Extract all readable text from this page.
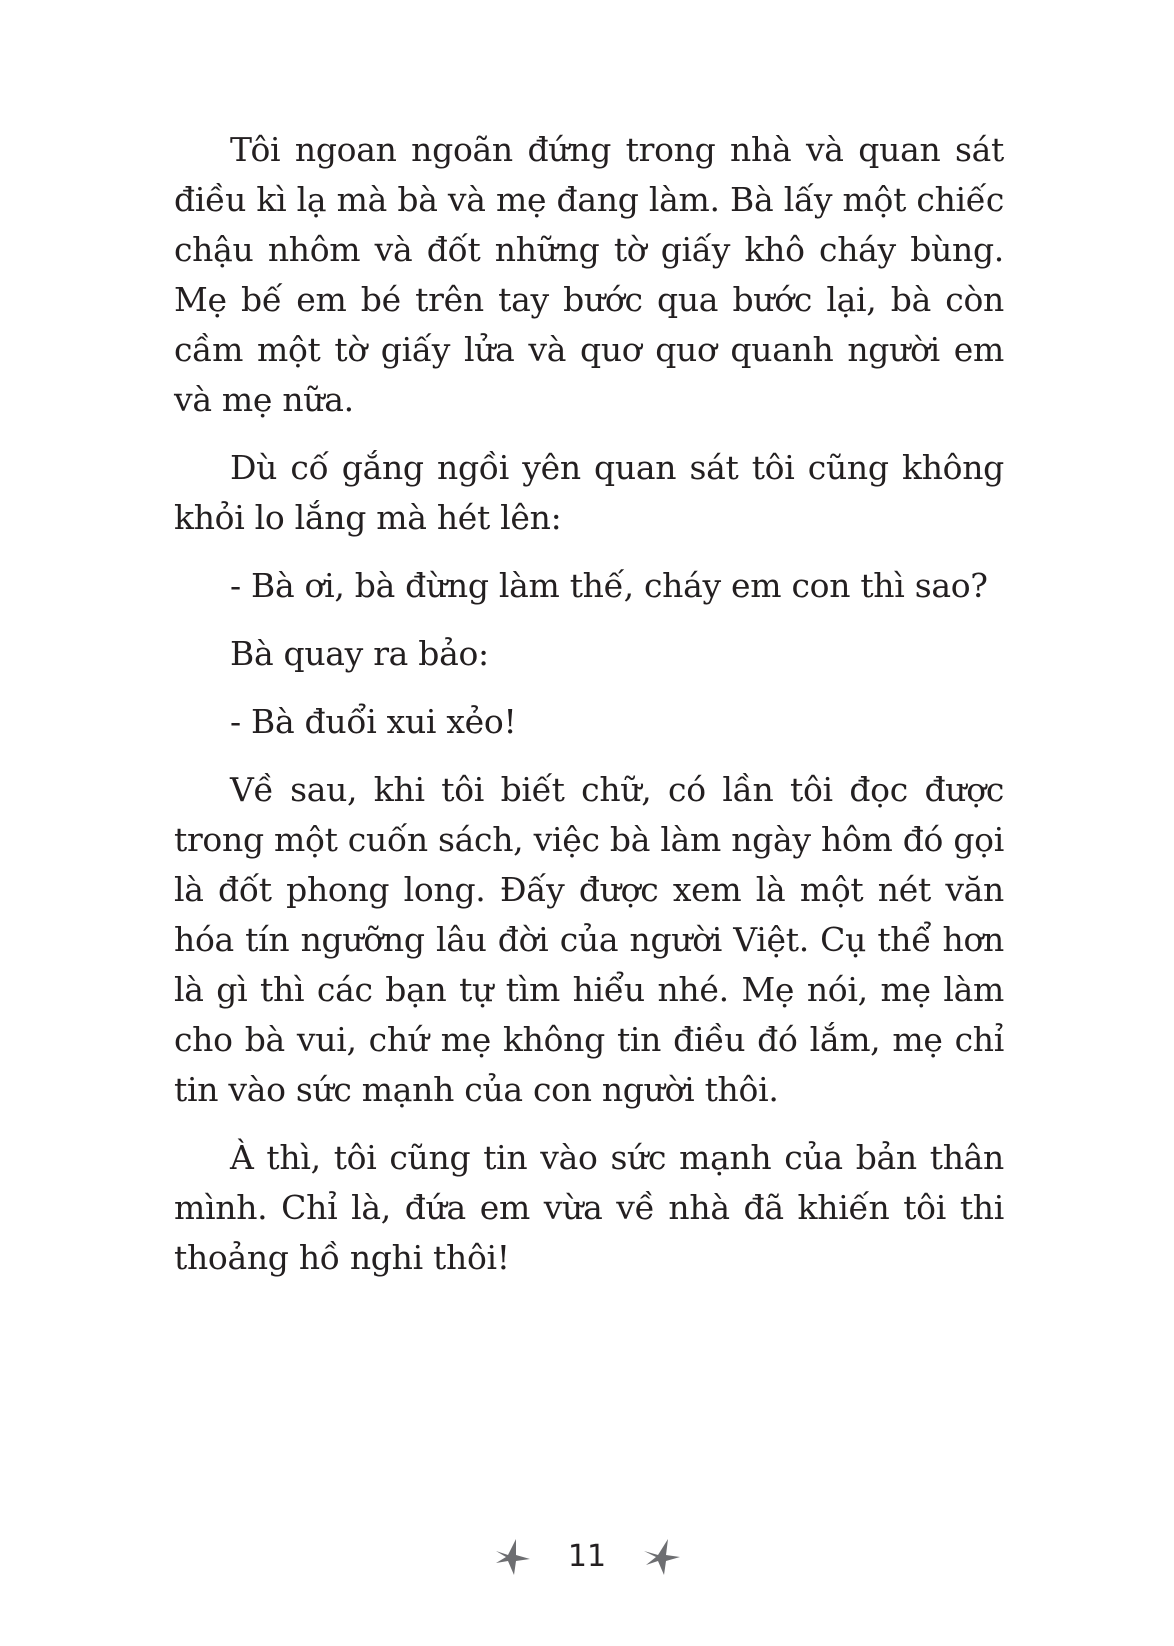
Tôi ngoan ngoãn đứng trong nhà và quan sát điều kì lạ mà bà và mẹ đang làm. Bà lấy một chiếc chậu nhôm và đốt những tờ giấy khô cháy bùng. Mẹ bế em bé trên tay bước qua bước lại, bà còn cầm một tờ giấy lửa và quơ quơ quanh người em và mẹ nữa.

Dù cố gắng ngồi yên quan sát tôi cũng không khỏi lo lắng mà hét lên:

- Bà ơi, bà đừng làm thế, cháy em con thì sao?

Bà quay ra bảo:

- Bà đuổi xui xẻo!

Về sau, khi tôi biết chữ, có lần tôi đọc được trong một cuốn sách, việc bà làm ngày hôm đó gọi là đốt phong long. Đấy được xem là một nét văn hóa tín ngưỡng lâu đời của người Việt. Cụ thể hơn là gì thì các bạn tự tìm hiểu nhé. Mẹ nói, mẹ làm cho bà vui, chứ mẹ không tin điều đó lắm, mẹ chỉ tin vào sức mạnh của con người thôi.

À thì, tôi cũng tin vào sức mạnh của bản thân mình. Chỉ là, đứa em vừa về nhà đã khiến tôi thi thoảng hồ nghi thôi!

11
